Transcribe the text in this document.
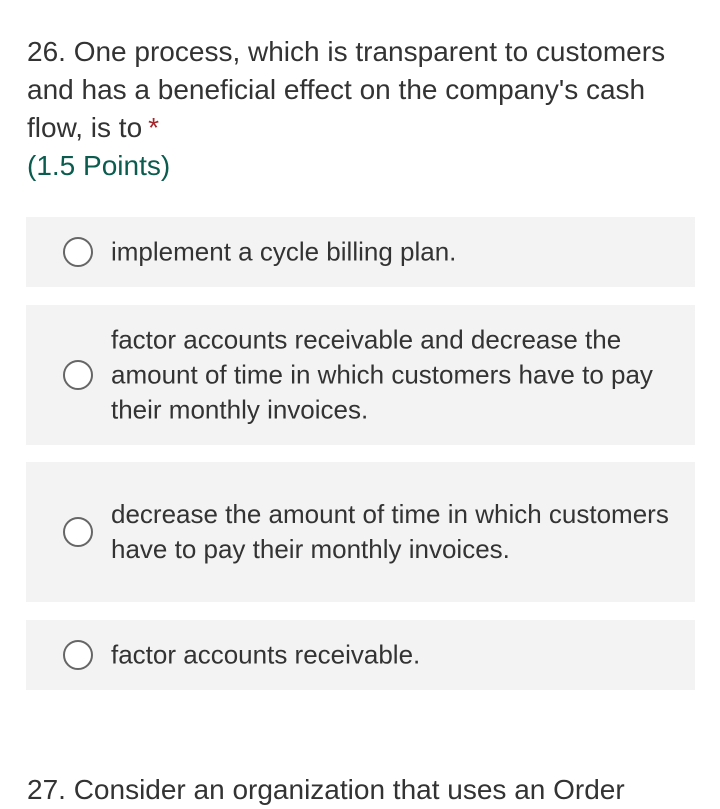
26. One process, which is transparent to customers and has a beneficial effect on the company's cash flow, is to *
(1.5 Points)
implement a cycle billing plan.
factor accounts receivable and decrease the amount of time in which customers have to pay their monthly invoices.
decrease the amount of time in which customers have to pay their monthly invoices.
factor accounts receivable.
27. Consider an organization that uses an Order
